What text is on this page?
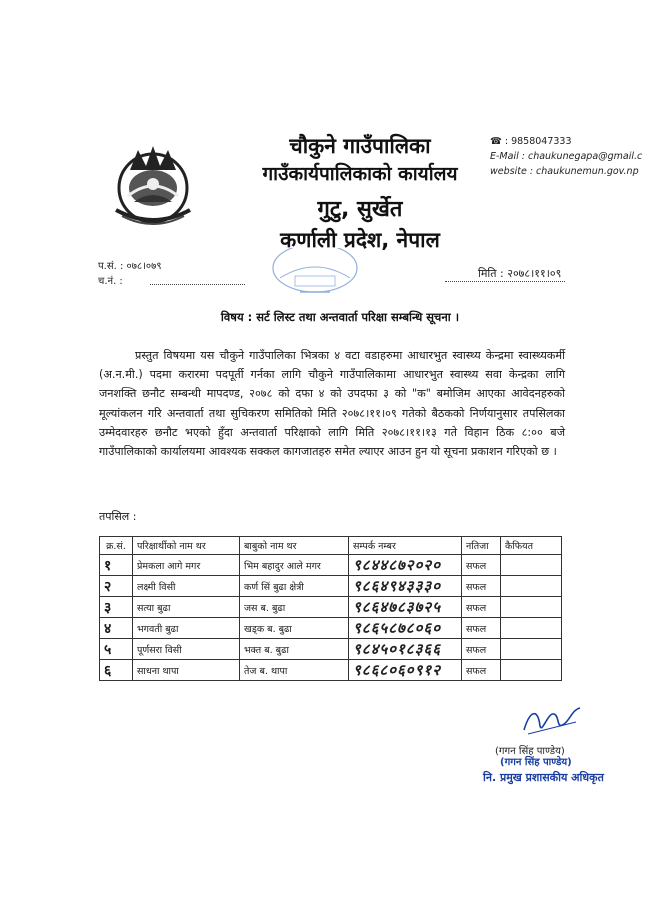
चौकुने गाउँपालिका
गाउँकार्यपालिकाको कार्यालय
गुटु, सुर्खेत
कर्णाली प्रदेश, नेपाल
☎ : 9858047333
E-Mail : chaukunegapa@gmail.c
website : chaukunemun.gov.np
प.सं. : ०७८।०७९
च.नं. :
मिति : २०७८।११।०९
विषय : सर्ट लिस्ट तथा अन्तवार्ता परिक्षा सम्बन्धि सूचना ।
प्रस्तुत विषयमा यस चौकुने गाउँपालिका भित्रका ४ वटा वडाहरुमा आधारभुत स्वास्थ्य केन्द्रमा स्वास्थ्यकर्मी (अ.न.मी.) पदमा करारमा पदपूर्ती गर्नका लागि चौकुने गाउँपालिकामा आधारभुत स्वास्थ्य सवा केन्द्रका लागि जनशक्ति छनौट सम्बन्धी मापदण्ड, २०७८ को दफा ४ को उपदफा ३ को "क" बमोजिम आएका आवेदनहरुको मूल्यांकलन गरि अन्तवार्ता तथा सुचिकरण समितिको मिति २०७८।११।०९ गतेको बैठकको निर्णयानुसार तपसिलका उम्मेदवारहरु छनौट भएको हुँदा अन्तवार्ता परिक्षाको लागि मिति २०७८।११।१३ गते विहान ठिक ८:०० बजे गाउँपालिकाको कार्यालयमा आवश्यक सक्कल कागजातहरु समेत ल्याएर आउन हुन यो सूचना प्रकाशन गरिएको छ ।
तपसिल :
क्र.सं.	परिक्षार्थीको नाम थर	बाबुको नाम थर	सम्पर्क नम्बर	नतिजा	कैफियत
१	प्रेमकला आगे मगर	भिम बहादुर आले मगर	९८४४८७२०२०	सफल	
२	लक्ष्मी विसी	कर्ण सिं बुढा क्षेत्री	९८६४९४३३३०	सफल	
३	सत्या बुढा	जस ब. बुढा	९८६४७८३७२५	सफल	
४	भगवती बुढा	खड्क ब. बुढा	९८६५८७८०६०	सफल	
५	पूर्णसरा विसी	भक्त ब. बुढा	९८४५०१८३६६	सफल	
६	साधना थापा	तेज ब. थापा	९८६८०६०९१२	सफल	
(गगन सिंह पाण्डेय)
(गगन सिंह पाण्डेय)
नि. प्रमुख प्रशासकीय अधिकृत
